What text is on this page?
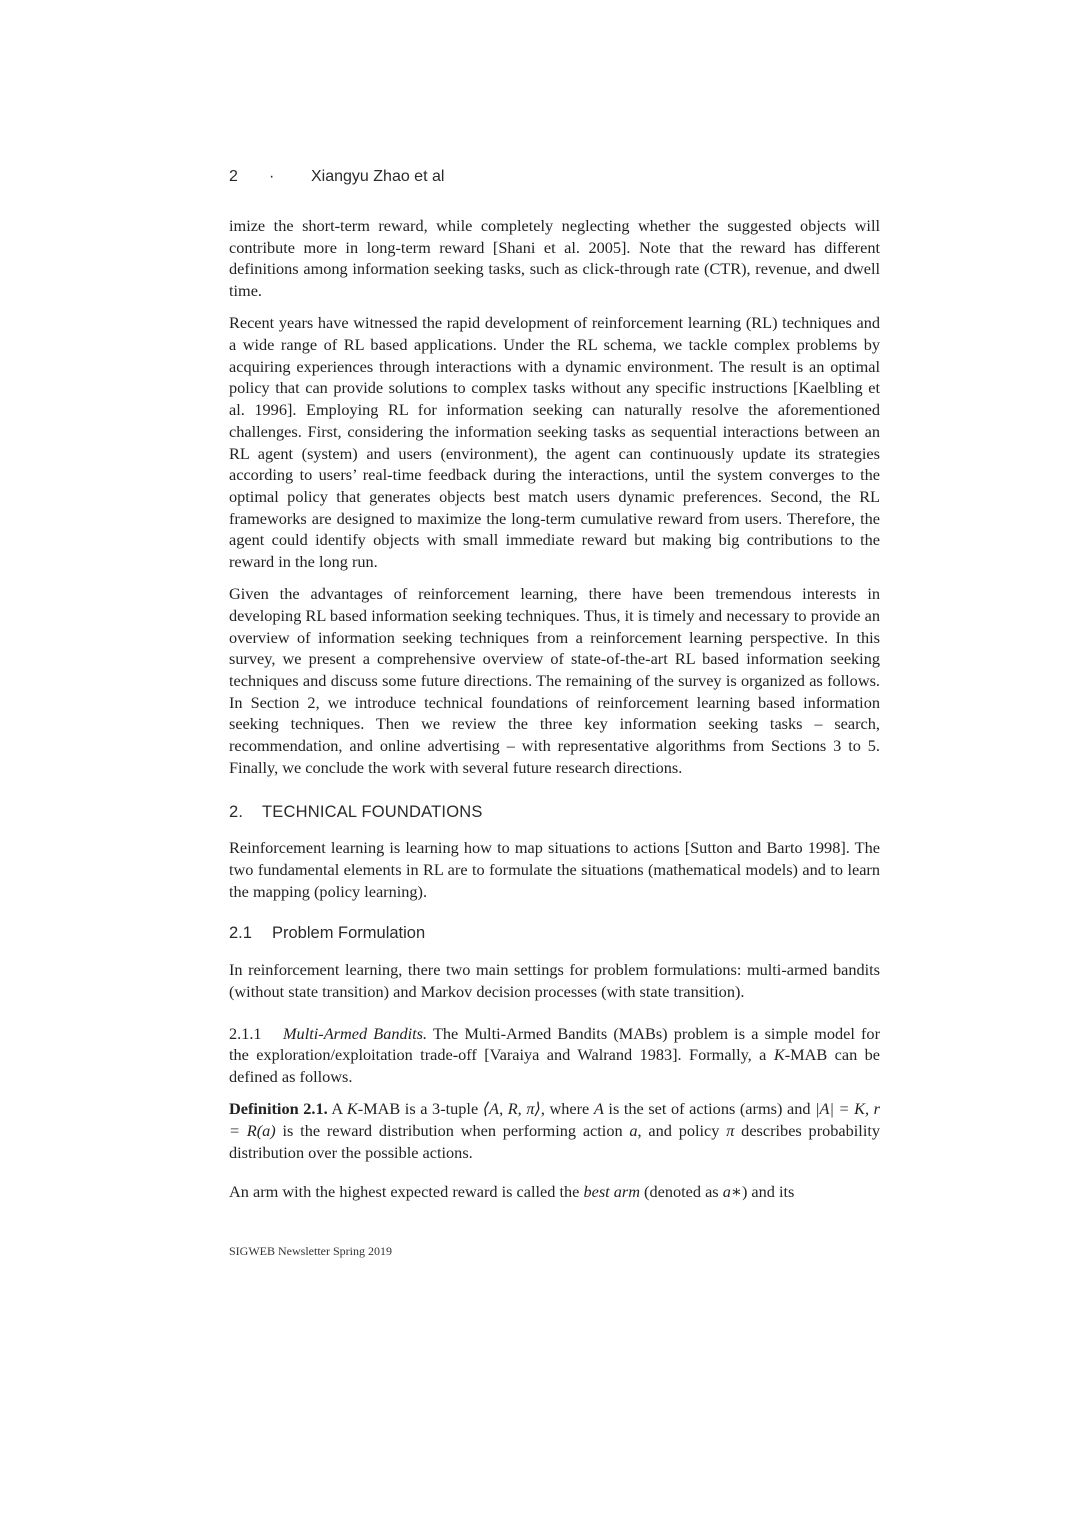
2 · Xiangyu Zhao et al

imize the short-term reward, while completely neglecting whether the suggested objects will contribute more in long-term reward [Shani et al. 2005]. Note that the reward has different definitions among information seeking tasks, such as click-through rate (CTR), revenue, and dwell time.

Recent years have witnessed the rapid development of reinforcement learning (RL) techniques and a wide range of RL based applications. Under the RL schema, we tackle complex problems by acquiring experiences through interactions with a dynamic environment. The result is an optimal policy that can provide solutions to complex tasks without any specific instructions [Kaelbling et al. 1996]. Employing RL for information seeking can naturally resolve the aforementioned challenges. First, considering the information seeking tasks as sequential interactions between an RL agent (system) and users (environment), the agent can continuously update its strategies according to users’ real-time feedback during the interactions, until the system converges to the optimal policy that generates objects best match users dynamic preferences. Second, the RL frameworks are designed to maximize the long-term cumulative reward from users. Therefore, the agent could identify objects with small immediate reward but making big contributions to the reward in the long run.

Given the advantages of reinforcement learning, there have been tremendous interests in developing RL based information seeking techniques. Thus, it is timely and necessary to provide an overview of information seeking techniques from a reinforcement learning perspective. In this survey, we present a comprehensive overview of state-of-the-art RL based information seeking techniques and discuss some future directions. The remaining of the survey is organized as follows. In Section 2, we introduce technical foundations of reinforcement learning based information seeking techniques. Then we review the three key information seeking tasks – search, recommendation, and online advertising – with representative algorithms from Sections 3 to 5. Finally, we conclude the work with several future research directions.

2. TECHNICAL FOUNDATIONS

Reinforcement learning is learning how to map situations to actions [Sutton and Barto 1998]. The two fundamental elements in RL are to formulate the situations (mathematical models) and to learn the mapping (policy learning).

2.1 Problem Formulation

In reinforcement learning, there two main settings for problem formulations: multi-armed bandits (without state transition) and Markov decision processes (with state transition).

2.1.1 Multi-Armed Bandits. The Multi-Armed Bandits (MABs) problem is a simple model for the exploration/exploitation trade-off [Varaiya and Walrand 1983]. Formally, a K-MAB can be defined as follows.

Definition 2.1. A K-MAB is a 3-tuple ⟨A, R, π⟩, where A is the set of actions (arms) and |A| = K, r = R(a) is the reward distribution when performing action a, and policy π describes probability distribution over the possible actions.

An arm with the highest expected reward is called the best arm (denoted as a∗) and its

SIGWEB Newsletter Spring 2019
